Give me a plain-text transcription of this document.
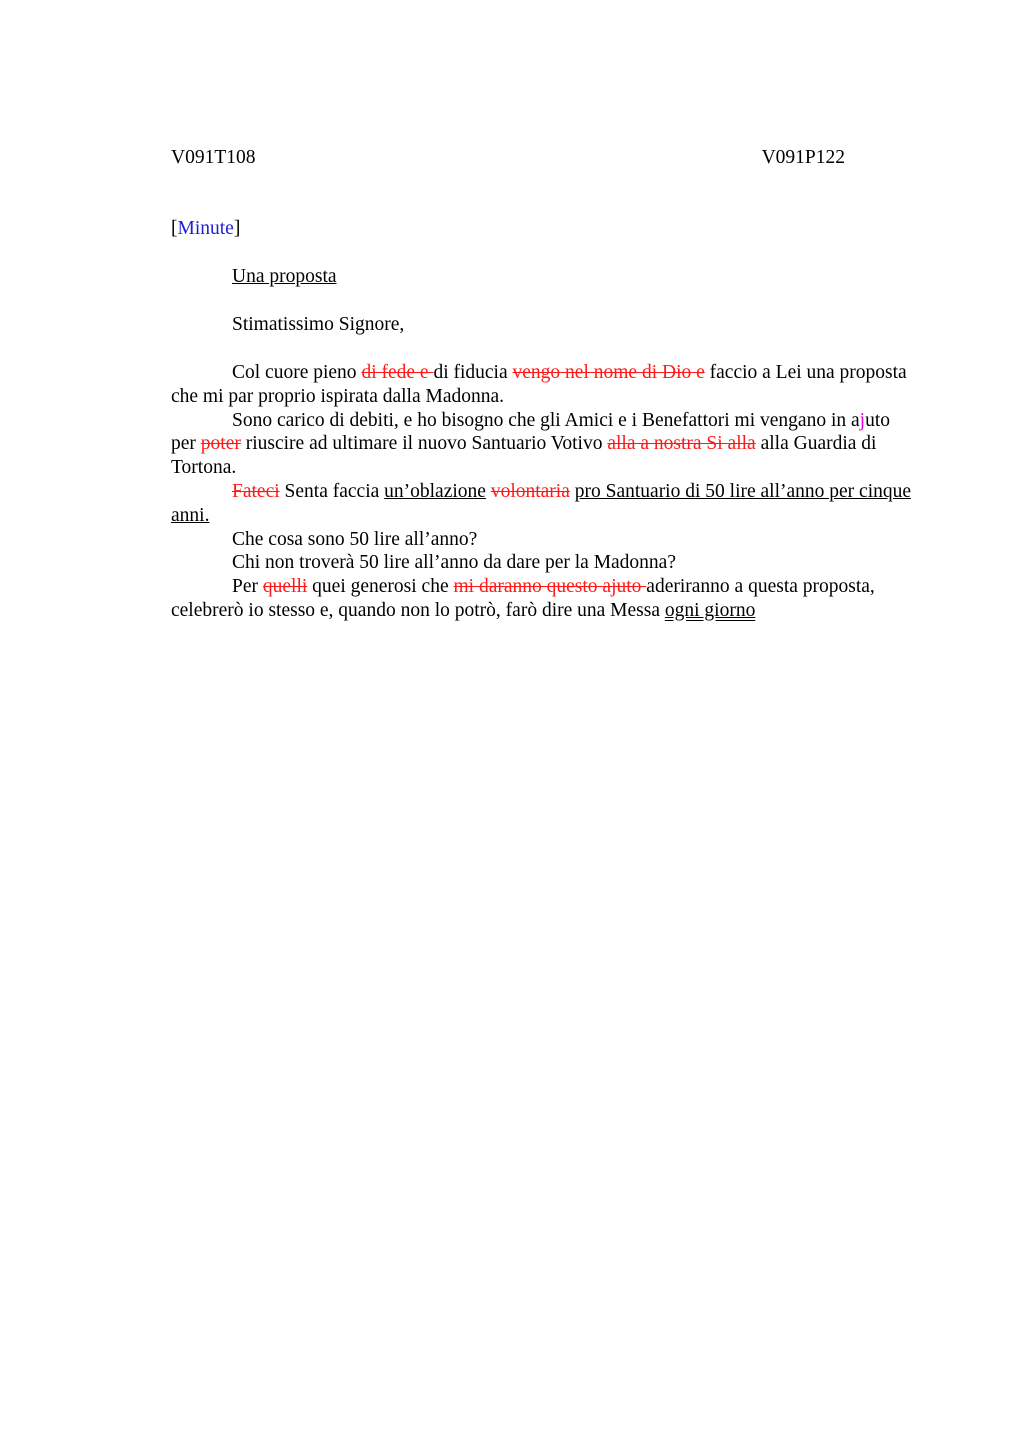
V091T108	V091P122
[Minute]
Una proposta
Stimatissimo Signore,

Col cuore pieno di fede e di fiducia vengo nel nome di Dio e faccio a Lei una proposta che mi par proprio ispirata dalla Madonna.

Sono carico di debiti, e ho bisogno che gli Amici e i Benefattori mi vengano in ajuto per poter riuscire ad ultimare il nuovo Santuario Votivo alla a nostra Si alla alla Guardia di Tortona.

Fateci Senta faccia un’oblazione volontaria pro Santuario di 50 lire all’anno per cinque anni.

Che cosa sono 50 lire all’anno?

Chi non troverà 50 lire all’anno da dare per la Madonna?

Per quelli quei generosi che mi daranno questo ajuto aderiranno a questa proposta, celebrerò io stesso e, quando non lo potrò, farò dire una Messa ogni giorno
